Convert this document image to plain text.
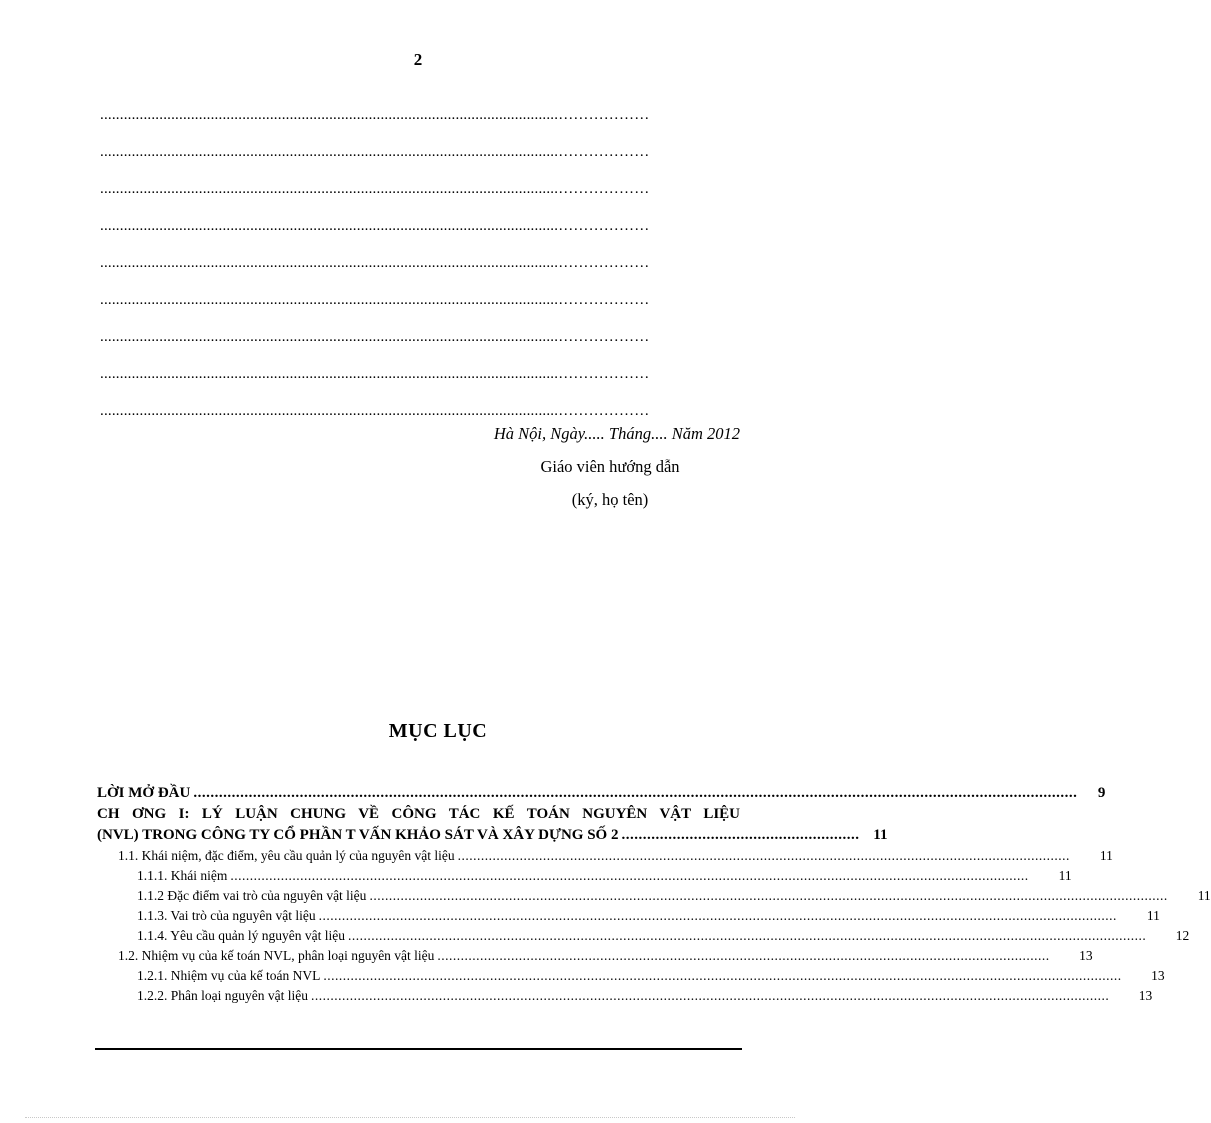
2
....................................................................................................................………………
....................................................................................................................………………
....................................................................................................................………………
....................................................................................................................………………
....................................................................................................................………………
....................................................................................................................………………
....................................................................................................................………………
....................................................................................................................………………
....................................................................................................................………………
Hà Nội, Ngày..... Tháng.... Năm 2012
Giáo viên hướng dẫn
(ký, họ tên)
MỤC LỤC
LỜI MỞ ĐẦU ................................................................................................................................................................................................................	9
CH ƠNG I: LÝ LUẬN CHUNG VỀ CÔNG TÁC KẾ TOÁN NGUYÊN VẬT LIỆU
(NVL) TRONG CÔNG TY CỔ PHẦN T VẤN KHẢO SÁT VÀ XÂY DỰNG SỐ 2 ........................................................ 11
1.1. Khái niệm, đặc điểm, yêu cầu quản lý của nguyên vật liệu ..............................................................................................................................................................	11
1.1.1. Khái niệm ..............................................................................................................................................................................................................	11
1.1.2 Đặc điểm vai trò của nguyên vật liệu ..............................................................................................................................................................................................................	11
1.1.3. Vai trò của nguyên vật liệu ..............................................................................................................................................................................................................	11
1.1.4. Yêu cầu quản lý nguyên vật liệu ..............................................................................................................................................................................................................	12
1.2. Nhiệm vụ của kế toán NVL, phân loại nguyên vật liệu ..............................................................................................................................................................	13
1.2.1. Nhiệm vụ của kế toán NVL ..............................................................................................................................................................................................................	13
1.2.2. Phân loại nguyên vật liệu ..............................................................................................................................................................................................................	13
